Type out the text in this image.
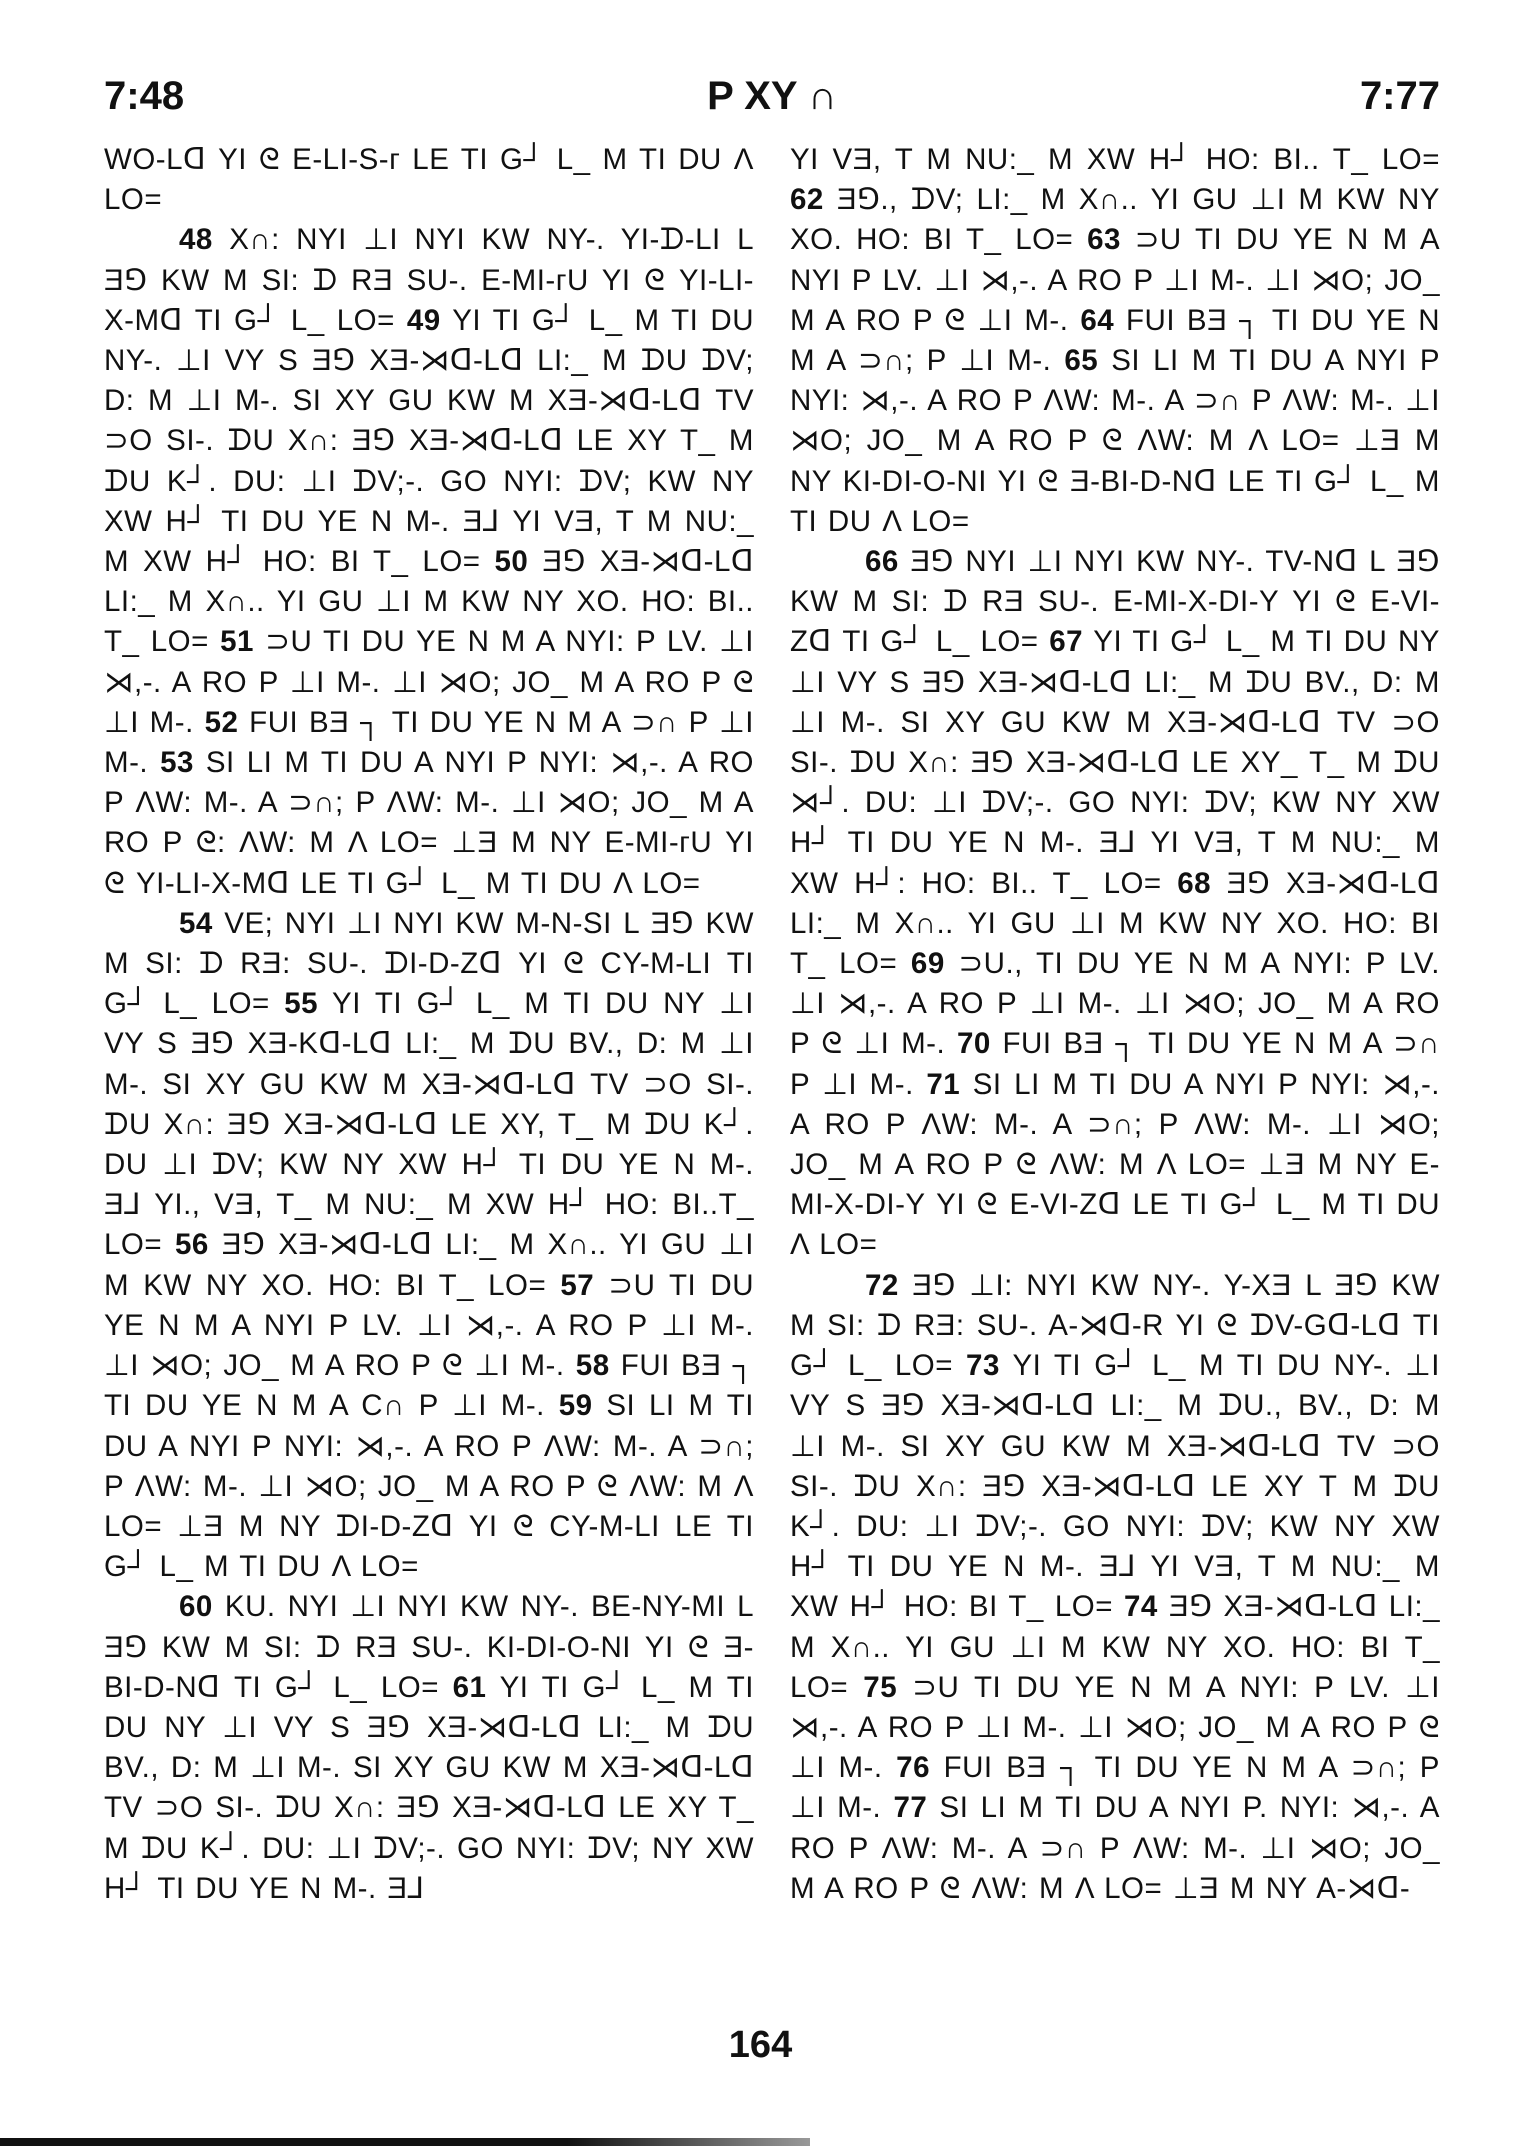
7:48	P XY ∩	7:77

WO-Lᗡ YI ᘓ E-LI-S-ᴦ LE TI G┘ L_ M TI DU Λ LO=

48 X∩: NYI ⊥I NYI KW NY-. YI-ᗪ-LI L Ǝ⅁ KW M SI: ᗪ RƎ SU-. E-MI-ᴦU YI ᘓ YI-LI-X-Mᗡ TI G┘ L_ LO= 49 YI TI G┘ L_ M TI DU NY-. ⊥I VY S Ǝ⅁ XƎ-⋊ᗡ-Lᗡ LI:_ M ᗪU ᗪV; D: M ⊥I M-. SI XY GU KW M XƎ-⋊ᗡ-Lᗡ TV ⊃O SI-. ᗪU X∩: Ǝ⅁ XƎ-⋊ᗡ-Lᗡ LE XY T_ M ᗪU K┘. DU: ⊥I ᗪV;-. GO NYI: ᗪV; KW NY XW H┘ TI DU YE N M-. Ǝ⅃ YI VƎ, T M NU:_ M XW H┘ HO: BI T_ LO= 50 Ǝ⅁ XƎ-⋊ᗡ-Lᗡ LI:_ M X∩.. YI GU ⊥I M KW NY XO. HO: BI.. T_ LO= 51 ⊃U TI DU YE N M A NYI: P LV. ⊥I ⋊,-. A RO P ⊥I M-. ⊥I ⋊O; JO_ M A RO P ᘓ ⊥I M-. 52 FUI BƎ ┐ TI DU YE N M A ⊃∩ P ⊥I M-. 53 SI LI M TI DU A NYI P NYI: ⋊,-. A RO P ΛW: M-. A ⊃∩; P ΛW: M-. ⊥I ⋊O; JO_ M A RO P ᘓ: ΛW: M Λ LO= ⊥Ǝ M NY E-MI-ᴦU YI ᘓ YI-LI-X-Mᗡ LE TI G┘ L_ M TI DU Λ LO=

54 VE; NYI ⊥I NYI KW M-N-SI L Ǝ⅁ KW M SI: ᗪ RƎ: SU-. ᗪI-D-Zᗡ YI ᘓ CY-M-LI TI G┘ L_ LO= 55 YI TI G┘ L_ M TI DU NY ⊥I VY S Ǝ⅁ XƎ-Kᗡ-Lᗡ LI:_ M ᗪU BV., D: M ⊥I M-. SI XY GU KW M XƎ-⋊ᗡ-Lᗡ TV ⊃O SI-. ᗪU X∩: Ǝ⅁ XƎ-⋊ᗡ-Lᗡ LE XY, T_ M ᗪU K┘. DU ⊥I ᗪV; KW NY XW H┘ TI DU YE N M-. Ǝ⅃ YI., VƎ, T_ M NU:_ M XW H┘ HO: BI..T_ LO= 56 Ǝ⅁ XƎ-⋊ᗡ-Lᗡ LI:_ M X∩.. YI GU ⊥I M KW NY XO. HO: BI T_ LO= 57 ⊃U TI DU YE N M A NYI P LV. ⊥I ⋊,-. A RO P ⊥I M-. ⊥I ⋊O; JO_ M A RO P ᘓ ⊥I M-. 58 FUI BƎ ┐ TI DU YE N M A C∩ P ⊥I M-. 59 SI LI M TI DU A NYI P NYI: ⋊,-. A RO P ΛW: M-. A ⊃∩; P ΛW: M-. ⊥I ⋊O; JO_ M A RO P ᘓ ΛW: M Λ LO= ⊥Ǝ M NY ᗪI-D-Zᗡ YI ᘓ CY-M-LI LE TI G┘ L_ M TI DU Λ LO=

60 KU. NYI ⊥I NYI KW NY-. BE-NY-MI L Ǝ⅁ KW M SI: ᗪ RƎ SU-. KI-DI-O-NI YI ᘓ Ǝ-BI-D-Nᗡ TI G┘ L_ LO= 61 YI TI G┘ L_ M TI DU NY ⊥I VY S Ǝ⅁ XƎ-⋊ᗡ-Lᗡ LI:_ M ᗪU BV., D: M ⊥I M-. SI XY GU KW M XƎ-⋊ᗡ-Lᗡ TV ⊃O SI-. ᗪU X∩: Ǝ⅁ XƎ-⋊ᗡ-Lᗡ LE XY T_ M ᗪU K┘. DU: ⊥I ᗪV;-. GO NYI: ᗪV; NY XW H┘ TI DU YE N M-. Ǝ⅃

YI VƎ, T M NU:_ M XW H┘ HO: BI.. T_ LO= 62 Ǝ⅁., ᗪV; LI:_ M X∩.. YI GU ⊥I M KW NY XO. HO: BI T_ LO= 63 ⊃U TI DU YE N M A NYI P LV. ⊥I ⋊,-. A RO P ⊥I M-. ⊥I ⋊O; JO_ M A RO P ᘓ ⊥I M-. 64 FUI BƎ ┐ TI DU YE N M A ⊃∩; P ⊥I M-. 65 SI LI M TI DU A NYI P NYI: ⋊,-. A RO P ΛW: M-. A ⊃∩ P ΛW: M-. ⊥I ⋊O; JO_ M A RO P ᘓ ΛW: M Λ LO= ⊥Ǝ M NY KI-DI-O-NI YI ᘓ Ǝ-BI-D-Nᗡ LE TI G┘ L_ M TI DU Λ LO=

66 Ǝ⅁ NYI ⊥I NYI KW NY-. TV-Nᗡ L Ǝ⅁ KW M SI: ᗪ RƎ SU-. E-MI-X-DI-Y YI ᘓ E-VI-Zᗡ TI G┘ L_ LO= 67 YI TI G┘ L_ M TI DU NY ⊥I VY S Ǝ⅁ XƎ-⋊ᗡ-Lᗡ LI:_ M ᗪU BV., D: M ⊥I M-. SI XY GU KW M XƎ-⋊ᗡ-Lᗡ TV ⊃O SI-. ᗪU X∩: Ǝ⅁ XƎ-⋊ᗡ-Lᗡ LE XY_ T_ M ᗪU ⋊┘. DU: ⊥I ᗪV;-. GO NYI: ᗪV; KW NY XW H┘ TI DU YE N M-. Ǝ⅃ YI VƎ, T M NU:_ M XW H┘: HO: BI.. T_ LO= 68 Ǝ⅁ XƎ-⋊ᗡ-Lᗡ LI:_ M X∩.. YI GU ⊥I M KW NY XO. HO: BI T_ LO= 69 ⊃U., TI DU YE N M A NYI: P LV. ⊥I ⋊,-. A RO P ⊥I M-. ⊥I ⋊O; JO_ M A RO P ᘓ ⊥I M-. 70 FUI BƎ ┐ TI DU YE N M A ⊃∩ P ⊥I M-. 71 SI LI M TI DU A NYI P NYI: ⋊,-. A RO P ΛW: M-. A ⊃∩; P ΛW: M-. ⊥I ⋊O; JO_ M A RO P ᘓ ΛW: M Λ LO= ⊥Ǝ M NY E-MI-X-DI-Y YI ᘓ E-VI-Zᗡ LE TI G┘ L_ M TI DU Λ LO=

72 Ǝ⅁ ⊥I: NYI KW NY-. Y-XƎ L Ǝ⅁ KW M SI: ᗪ RƎ: SU-. A-⋊ᗡ-R YI ᘓ ᗪV-Gᗡ-Lᗡ TI G┘ L_ LO= 73 YI TI G┘ L_ M TI DU NY-. ⊥I VY S Ǝ⅁ XƎ-⋊ᗡ-Lᗡ LI:_ M ᗪU., BV., D: M ⊥I M-. SI XY GU KW M XƎ-⋊ᗡ-Lᗡ TV ⊃O SI-. ᗪU X∩: Ǝ⅁ XƎ-⋊ᗡ-Lᗡ LE XY T M ᗪU K┘. DU: ⊥I ᗪV;-. GO NYI: ᗪV; KW NY XW H┘ TI DU YE N M-. Ǝ⅃ YI VƎ, T M NU:_ M XW H┘ HO: BI T_ LO= 74 Ǝ⅁ XƎ-⋊ᗡ-Lᗡ LI:_ M X∩.. YI GU ⊥I M KW NY XO. HO: BI T_ LO= 75 ⊃U TI DU YE N M A NYI: P LV. ⊥I ⋊,-. A RO P ⊥I M-. ⊥I ⋊O; JO_ M A RO P ᘓ ⊥I M-. 76 FUI BƎ ┐ TI DU YE N M A ⊃∩; P ⊥I M-. 77 SI LI M TI DU A NYI P. NYI: ⋊,-. A RO P ΛW: M-. A ⊃∩ P ΛW: M-. ⊥I ⋊O; JO_ M A RO P ᘓ ΛW: M Λ LO= ⊥Ǝ M NY A-⋊ᗡ-

164
